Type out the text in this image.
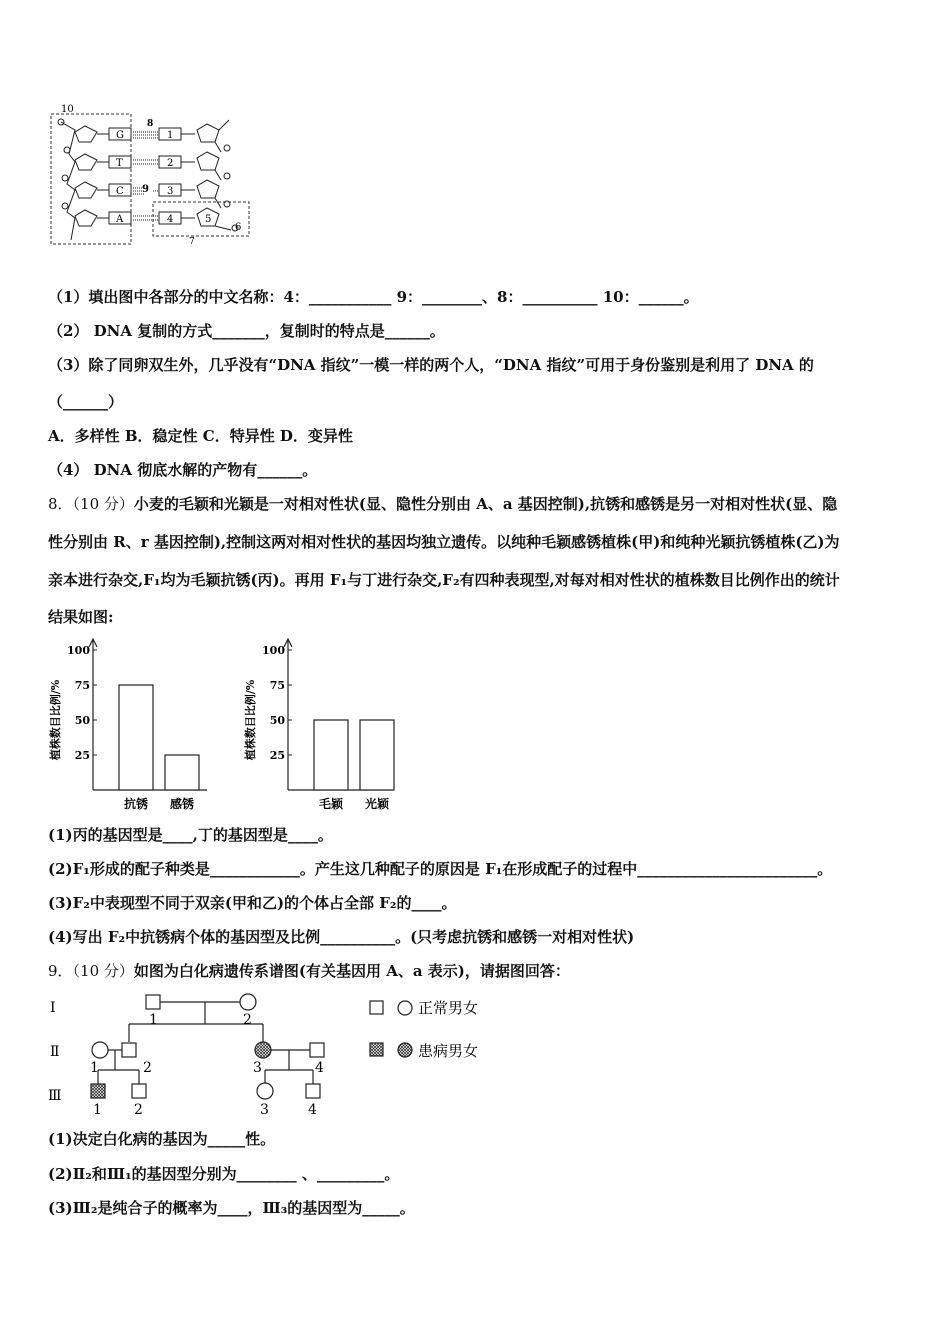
10
8
9
6
7
G
T
C
A
1
2
3
4	5
（1）填出图中各部分的中文名称：4：___________ 9：________、8：__________ 10：______。
（2） DNA 复制的方式_______，复制时的特点是______。
（3）除了同卵双生外，几乎没有“DNA 指纹”一模一样的两个人，“DNA 指纹”可用于身份鉴别是利用了 DNA 的
（______）
A．多样性 B．稳定性 C．特异性 D．变异性
（4） DNA 彻底水解的产物有______。
8．（10 分）小麦的毛颖和光颖是一对相对性状(显、隐性分别由 A、a 基因控制),抗锈和感锈是另一对相对性状(显、隐
性分别由 R、r 基因控制),控制这两对相对性状的基因均独立遗传。以纯种毛颖感锈植株(甲)和纯种光颖抗锈植株(乙)为
亲本进行杂交,F₁均为毛颖抗锈(丙)。再用 F₁与丁进行杂交,F₂有四种表现型,对每对相对性状的植株数目比例作出的统计
结果如图:
植株数目比例/%
100
75
50
25
抗锈 感锈
植株数目比例/%
100
75
50
25
毛颖 光颖
(1)丙的基因型是____,丁的基因型是____。
(2)F₁形成的配子种类是____________。产生这几种配子的原因是 F₁在形成配子的过程中________________________。
(3)F₂中表现型不同于双亲(甲和乙)的个体占全部 F₂的____。
(4)写出 F₂中抗锈病个体的基因型及比例__________。(只考虑抗锈和感锈一对相对性状)
9．（10 分）如图为白化病遗传系谱图(有关基因用 A、a 表示)，请据图回答：
Ⅰ
Ⅱ
Ⅲ
1	2
1	2	3	4
1 2	3	4
正常男女
患病男女
(1)决定白化病的基因为_____性。
(2)Ⅱ₂和Ⅲ₁的基因型分别为________ 、_________。
(3)Ⅲ₂是纯合子的概率为____，Ⅲ₃的基因型为_____。
